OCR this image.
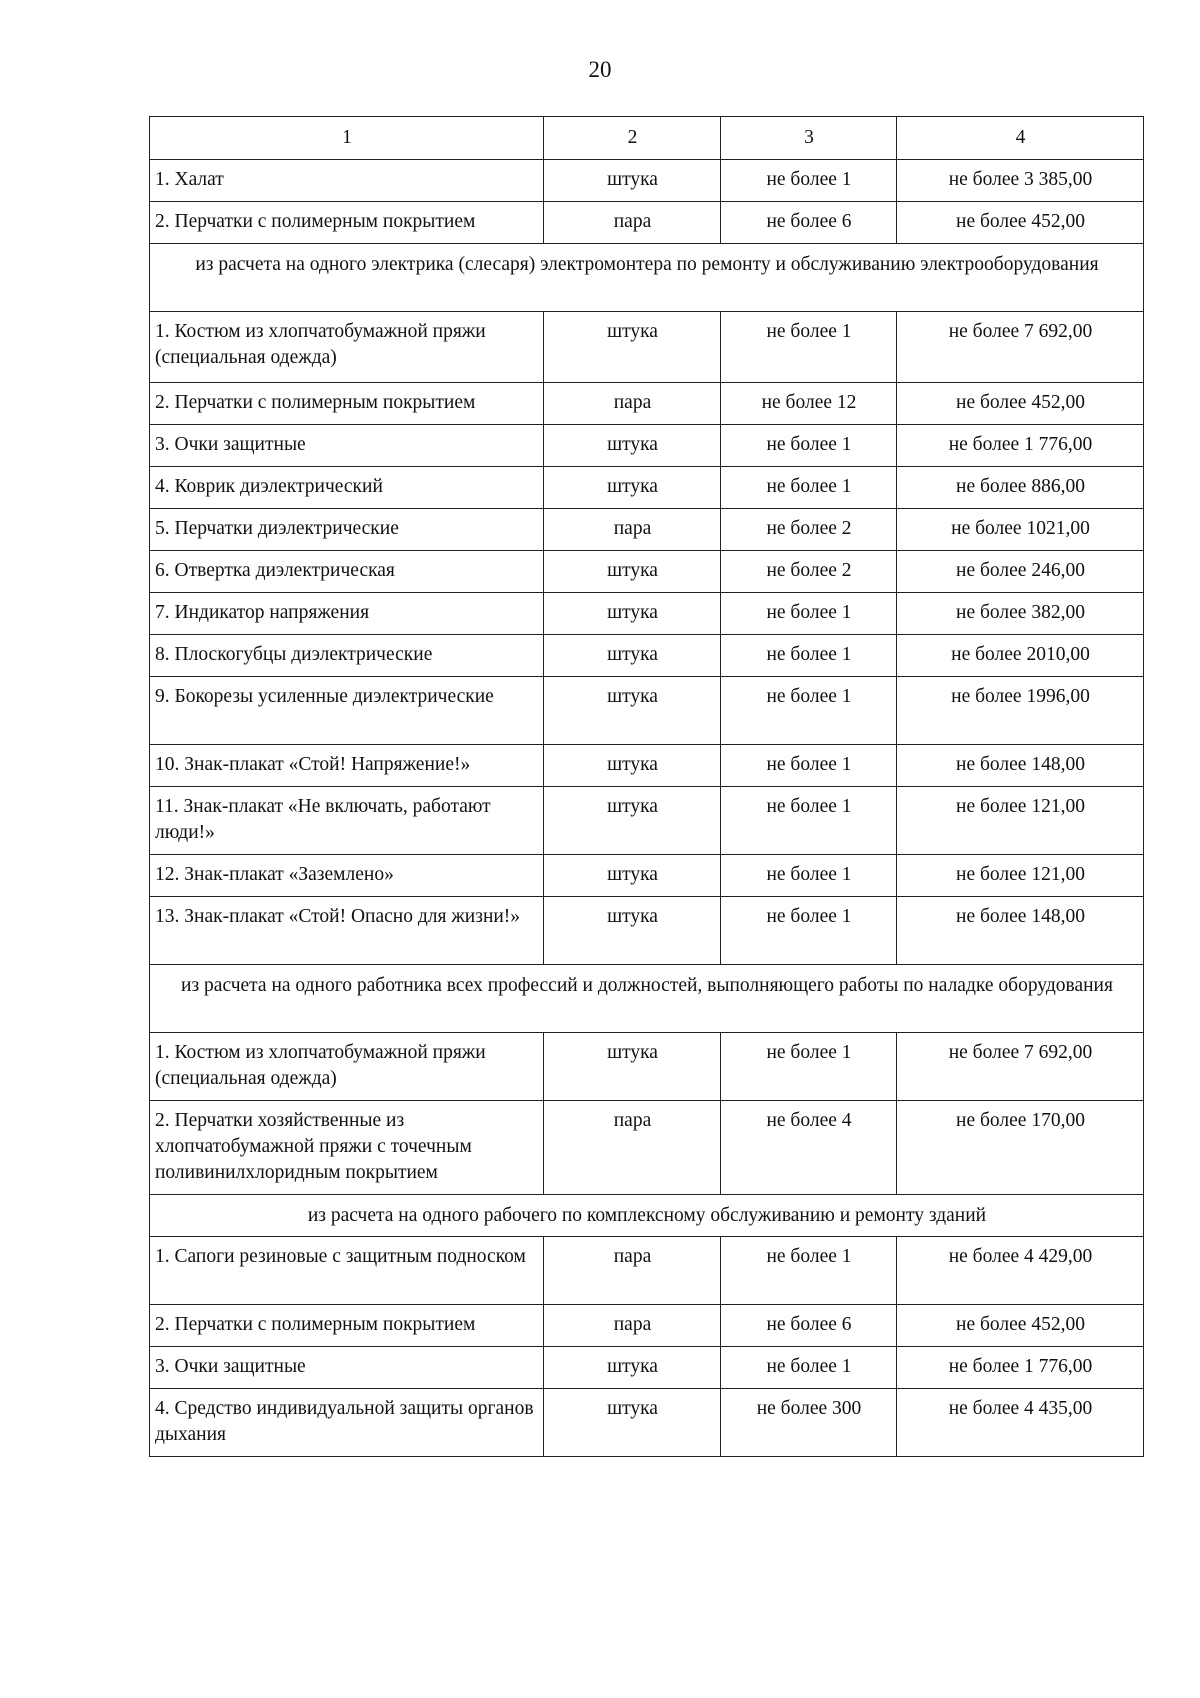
20
1	2	3	4
1. Халат	штука	не более 1	не более 3 385,00
2. Перчатки с полимерным покрытием	пара	не более 6	не более 452,00
из расчета на одного электрика (слесаря) электромонтера по ремонту и обслуживанию электрооборудования			
1. Костюм из хлопчатобумажной пряжи (специальная одежда)	штука	не более 1	не более 7 692,00
2. Перчатки с полимерным покрытием	пара	не более 12	не более 452,00
3. Очки защитные	штука	не более 1	не более 1 776,00
4. Коврик диэлектрический	штука	не более 1	не более 886,00
5. Перчатки диэлектрические	пара	не более 2	не более 1021,00
6. Отвертка диэлектрическая	штука	не более 2	не более 246,00
7. Индикатор напряжения	штука	не более 1	не более 382,00
8. Плоскогубцы диэлектрические	штука	не более 1	не более 2010,00
9. Бокорезы усиленные диэлектрические	штука	не более 1	не более 1996,00
10. Знак-плакат «Стой! Напряжение!»	штука	не более 1	не более 148,00
11. Знак-плакат «Не включать, работают люди!»	штука	не более 1	не более 121,00
12. Знак-плакат «Заземлено»	штука	не более 1	не более 121,00
13. Знак-плакат «Стой! Опасно для жизни!»	штука	не более 1	не более 148,00
из расчета на одного работника всех профессий и должностей, выполняющего работы по наладке оборудования			
1. Костюм из хлопчатобумажной пряжи (специальная одежда)	штука	не более 1	не более 7 692,00
2. Перчатки хозяйственные из хлопчатобумажной пряжи с точечным поливинилхлоридным покрытием	пара	не более 4	не более 170,00
из расчета на одного рабочего по комплексному обслуживанию и ремонту зданий			
1. Сапоги резиновые с защитным подноском	пара	не более 1	не более 4 429,00
2. Перчатки с полимерным покрытием	пара	не более 6	не более 452,00
3. Очки защитные	штука	не более 1	не более 1 776,00
4. Средство индивидуальной защиты органов дыхания	штука	не более 300	не более 4 435,00
